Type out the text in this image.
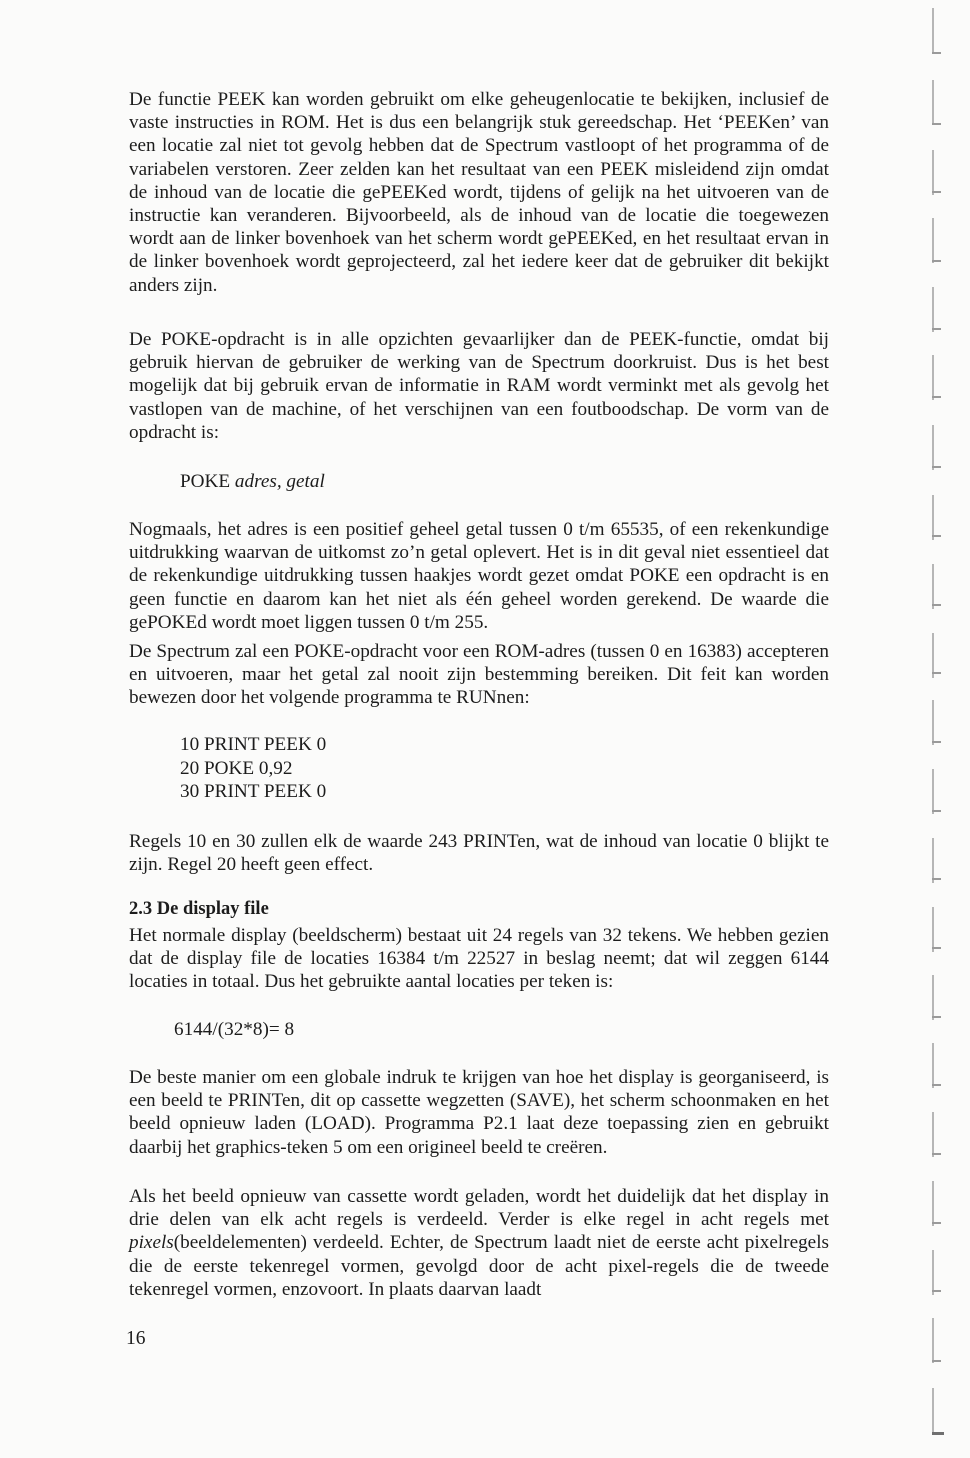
De functie PEEK kan worden gebruikt om elke geheugenlocatie te bekijken, inclusief de vaste instructies in ROM. Het is dus een belangrijk stuk gereedschap. Het ‘PEEKen’ van een locatie zal niet tot gevolg hebben dat de Spectrum vastloopt of het programma of de variabelen verstoren. Zeer zelden kan het resultaat van een PEEK misleidend zijn omdat de inhoud van de locatie die gePEEKed wordt, tijdens of gelijk na het uitvoeren van de instructie kan veranderen. Bijvoorbeeld, als de inhoud van de locatie die toegewezen wordt aan de linker bovenhoek van het scherm wordt gePEEKed, en het resultaat ervan in de linker bovenhoek wordt geprojecteerd, zal het iedere keer dat de gebruiker dit bekijkt anders zijn.

De POKE-opdracht is in alle opzichten gevaarlijker dan de PEEK-functie, omdat bij gebruik hiervan de gebruiker de werking van de Spectrum doorkruist. Dus is het best mogelijk dat bij gebruik ervan de informatie in RAM wordt verminkt met als gevolg het vastlopen van de machine, of het verschijnen van een foutboodschap. De vorm van de opdracht is:

POKE adres, getal

Nogmaals, het adres is een positief geheel getal tussen 0 t/m 65535, of een rekenkundige uitdrukking waarvan de uitkomst zo’n getal oplevert. Het is in dit geval niet essentieel dat de rekenkundige uitdrukking tussen haakjes wordt gezet omdat POKE een opdracht is en geen functie en daarom kan het niet als één geheel worden gerekend. De waarde die gePOKEd wordt moet liggen tussen 0 t/m 255.

De Spectrum zal een POKE-opdracht voor een ROM-adres (tussen 0 en 16383) accepteren en uitvoeren, maar het getal zal nooit zijn bestemming bereiken. Dit feit kan worden bewezen door het volgende programma te RUNnen:

10 PRINT PEEK 0
20 POKE 0,92
30 PRINT PEEK 0

Regels 10 en 30 zullen elk de waarde 243 PRINTen, wat de inhoud van locatie 0 blijkt te zijn. Regel 20 heeft geen effect.

2.3 De display file

Het normale display (beeldscherm) bestaat uit 24 regels van 32 tekens. We hebben gezien dat de display file de locaties 16384 t/m 22527 in beslag neemt; dat wil zeggen 6144 locaties in totaal. Dus het gebruikte aantal locaties per teken is:

6144/(32*8)= 8

De beste manier om een globale indruk te krijgen van hoe het display is georganiseerd, is een beeld te PRINTen, dit op cassette wegzetten (SAVE), het scherm schoonmaken en het beeld opnieuw laden (LOAD). Programma P2.1 laat deze toepassing zien en gebruikt daarbij het graphics-teken 5 om een origineel beeld te creëren.

Als het beeld opnieuw van cassette wordt geladen, wordt het duidelijk dat het display in drie delen van elk acht regels is verdeeld. Verder is elke regel in acht regels met pixels(beeldelementen) verdeeld. Echter, de Spectrum laadt niet de eerste acht pixelregels die de eerste tekenregel vormen, gevolgd door de acht pixel-regels die de tweede tekenregel vormen, enzovoort. In plaats daarvan laadt

16
